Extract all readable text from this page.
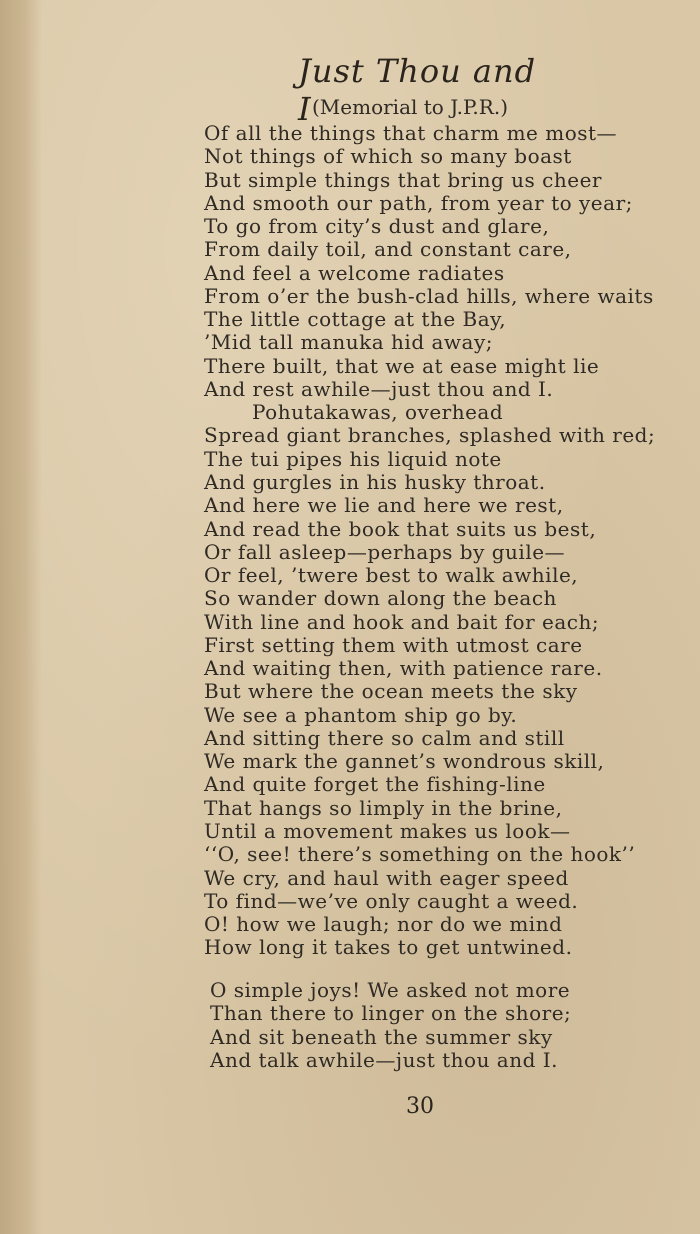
Just Thou and I (Memorial to J.P.R.)
Of all the things that charm me most—
Not things of which so many boast
But simple things that bring us cheer
And smooth our path, from year to year;
To go from city’s dust and glare,
From daily toil, and constant care,
And feel a welcome radiates
From o’er the bush-clad hills, where waits
The little cottage at the Bay,
’Mid tall manuka hid away;
There built, that we at ease might lie
And rest awhile—just thou and I.
Pohutakawas, overhead
Spread giant branches, splashed with red;
The tui pipes his liquid note
And gurgles in his husky throat.
And here we lie and here we rest,
And read the book that suits us best,
Or fall asleep—perhaps by guile—
Or feel, ’twere best to walk awhile,
So wander down along the beach
With line and hook and bait for each;
First setting them with utmost care
And waiting then, with patience rare.
But where the ocean meets the sky
We see a phantom ship go by.
And sitting there so calm and still
We mark the gannet’s wondrous skill,
And quite forget the fishing-line
That hangs so limply in the brine,
Until a movement makes us look—
‘‘O, see! there’s something on the hook’’
We cry, and haul with eager speed
To find—we’ve only caught a weed.
O! how we laugh; nor do we mind
How long it takes to get untwined.
O simple joys! We asked not more
Than there to linger on the shore;
And sit beneath the summer sky
And talk awhile—just thou and I.
30
